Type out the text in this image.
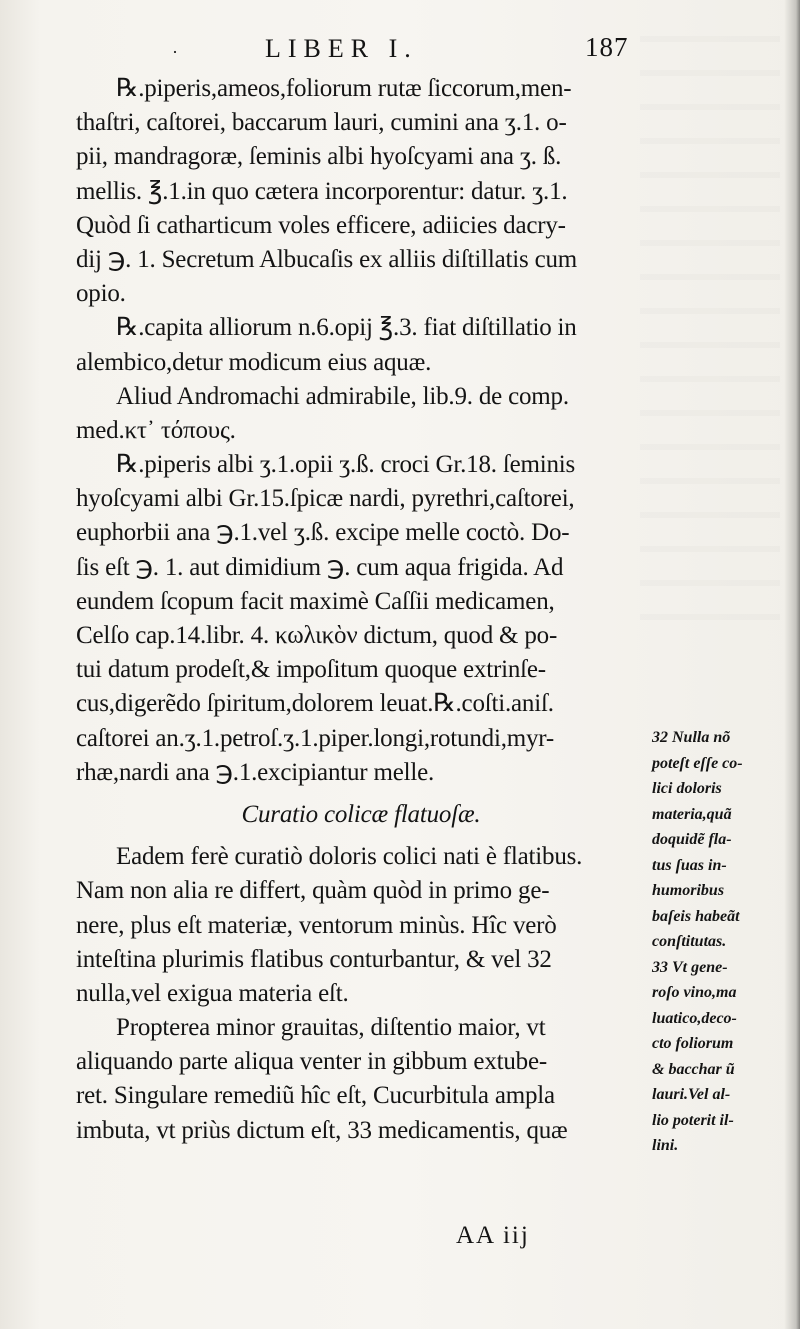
·	LIBER I.	187
℞.piperis,ameos,foliorum rutæ ſiccorum,men-
thaſtri, caſtorei, baccarum lauri, cumini ana ʒ.1. o-
pii, mandragoræ, ſeminis albi hyoſcyami ana ʒ. ß.
mellis. ℥.1.in quo cætera incorporentur: datur. ʒ.1.
Quòd ſi catharticum voles efficere, adiicies dacry-
dij ℈. 1. Secretum Albucaſis ex alliis diſtillatis cum
opio.
℞.capita alliorum n.6.opij ℥.3. fiat diſtillatio in
alembico,detur modicum eius aquæ.
Aliud Andromachi admirabile, lib.9. de comp.
med.κτ᾽ τόπους.
℞.piperis albi ʒ.1.opii ʒ.ß. croci Gr.18. ſeminis
hyoſcyami albi Gr.15.ſpicæ nardi, pyrethri,caſtorei,
euphorbii ana ℈.1.vel ʒ.ß. excipe melle coctò. Do-
ſis eſt ℈. 1. aut dimidium ℈. cum aqua frigida. Ad
eundem ſcopum facit maximè Caſſii medicamen,
Celſo cap.14.libr. 4. κωλικὸν dictum, quod & po-
tui datum prodeſt,& impoſitum quoque extrinſe-
cus,digerẽdo ſpiritum,dolorem leuat.℞.coſti.aniſ.
caſtorei an.ʒ.1.petroſ.ʒ.1.piper.longi,rotundi,myr-
rhæ,nardi ana ℈.1.excipiantur melle.
Curatio colicæ flatuoſæ.
Eadem ferè curatiò doloris colici nati è flatibus.
Nam non alia re differt, quàm quòd in primo ge-
nere, plus eſt materiæ, ventorum minùs. Hîc verò
inteſtina plurimis flatibus conturbantur, & vel 32
nulla,vel exigua materia eſt.
Propterea minor grauitas, diſtentio maior, vt
aliquando parte aliqua venter in gibbum extube-
ret. Singulare remediũ hîc eſt, Cucurbitula ampla
imbuta, vt priùs dictum eſt, 33 medicamentis, quæ
32 Nulla nõ
poteſt eſſe co-
lici doloris
materia,quã
doquidẽ fla-
tus ſuas in-
humoribus
baſeis habeãt
conſtitutas.
33 Vt gene-
roſo vino,ma
luatico,deco-
cto foliorum
& bacchar ũ
lauri.Vel al-
lio poterit il-
lini.
AA iij
